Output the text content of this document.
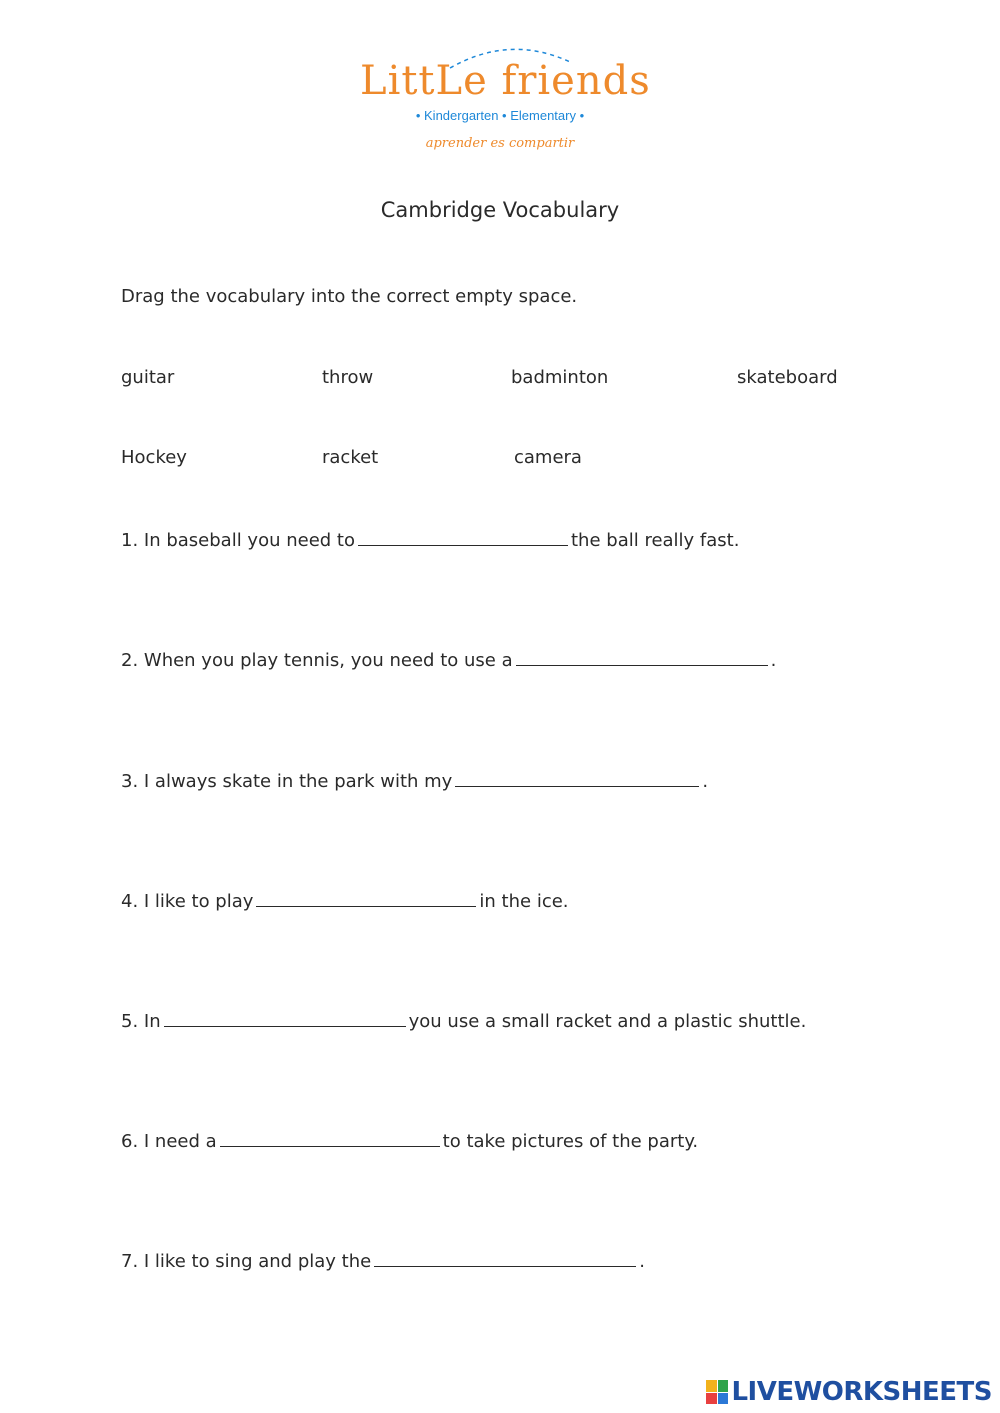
LittLe friends
• Kindergarten • Elementary •
aprender es compartir
Cambridge Vocabulary
Drag the vocabulary into the correct empty space.
guitar	throw	badminton	skateboard
Hockey	racket	camera
1. In baseball you need to	the ball really fast.
2. When you play tennis, you need to use a	.
3. I always skate in the park with my	.
4. I like to play	in the ice.
5. In	you use a small racket and a plastic shuttle.
6. I need a	to take pictures of the party.
7. I like to sing and play the	.
LIVEWORKSHEETS
